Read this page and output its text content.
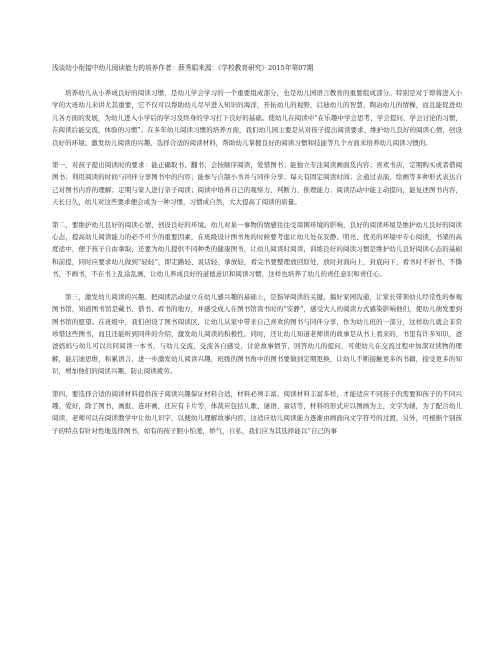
浅谈幼小衔接中幼儿阅读能力的培养作者：薛秀娟来源：《学校教育研究》2015年第07期

培养幼儿从小养成良好的阅读习惯，是幼儿学会学习的一个重要组成部分，也是幼儿园语言教育的重要组成部分。特别是对于即将进入小学的大班幼儿来讲尤其重要，它不仅可以帮助幼儿尽早进入知识的海洋，开拓幼儿的视野，启迪幼儿的智慧，陶冶幼儿的情操，而且能促进幼儿各方面的发展，为幼儿进入小学后的学习及终身的学习打下良好的基础。使幼儿在阅读中“在乐趣中学会思考、学会提问、学会讨论的习惯，在阅读后能交流，体验的习惯”。在多年幼儿阅读习惯的培养方面，我们幼儿园主要是从对孩子提出阅读要求、维护幼儿良好的阅读心情，创设良好的环境、激发幼儿阅读的兴趣、选择合适的阅读材料，帮助幼儿掌握良好的阅读习惯和技能等几个方面来培养幼儿阅读习惯的。

第一，对孩子提出阅读时的要求：能正确取书、翻书；会按顺序阅读，爱惜图书；能独立专注阅读画面及内容；喜欢书店，定期购买或者借阅图书；利用阅读的时间与同伴分享图书中的内容；能参与自制小书并与同伴分享；每天有固定阅读时间；会通过表演、绘画等多种形式表达自己对图书内容的理解；定期与家人进行亲子阅读；阅读中培养自己的观察力、判断力、推理能力；阅读活动中能主动提问，能复述图书内容，天长日久，幼儿对这些要求便会成为一种习惯，习惯成自然，大大提高了阅读的质量。

第二，要维护幼儿良好的阅读心情，创设良好的环境。幼儿对某一事物的情感往往受周围环境的影响，良好的阅读环境是维护幼儿良好的阅读心态，提高幼儿阅读能力的必不可少的重要因素，在班级设计图书角的时候要考虑让幼儿处在安静、明亮、优美的环境中专心阅读，书架的高度适中，便于孩子自由拿取，还要为幼儿提供不同种类的健康图书，让幼儿阅读时阅读，训练良好的阅读习惯是维护幼儿良好阅读心态的基础和前提，同时应要求幼儿做到“轻轻”，即走路轻、说话轻、拿放轻，看完书要整理放回原处，放时封面向上，封底向下，看书时不折书、不撕书、不画书，不在书上乱涂乱画，让幼儿养成良好的道德意识和阅读习惯，这样也培养了幼儿的责任意识和责任心。

第三，激发幼儿阅读的兴趣。把阅读活动建立在幼儿感兴趣的基础上，是指导阅读的关键，搞好家园沟通，让家长带领幼儿经常性的参观图书馆，知道图书馆是藏书、借书、看书的地方，并感受成人在图书馆读书时的“安静”，感受大人的阅读方式感染影响他们，使幼儿萌发要到图书馆的愿望。在班级中，我们创设了图书阅读区，让幼儿从家中带来自己喜欢的图书与同伴分享，作为幼儿班的一部分，这样幼儿就会非常珍惜这些图书，而且还能听到同伴的介绍，激发幼儿阅读的积极性。同时，还让幼儿知道老师讲的故事是从书上看来的，书里有许多知识，爸爸妈妈与幼儿可以共同阅读一本书，与幼儿交流，交流各自感受，讨论故事情节，回答幼儿的提问，可使幼儿在交流过程中加深对读物的理解，能启迪思维，积累语言，进一步激发幼儿阅读兴趣，班级的图书角中的图书要做到定期更换，让幼儿不断接触更多的书籍，接受更多的知识，增加他们的阅读兴趣，防止阅读疲劳。

第四，要选择合适的阅读材料提供孩子阅读兴趣保证材料合适，材料必须丰富。阅读材料丰富多样，才能适应不同孩子的需要和孩子的不同兴趣、爱好，除了图书，画报、连环画，还应有卡片等，体裁应包括儿歌、谜语、童话等，材料的形式应以图画为主，文字为辅，为了配合幼儿阅读，老师可以在阅读教学中让幼儿识字，以便幼儿理解故事内容，这适应幼儿阅读能力逐渐由画面向文字符号的过渡，另外，可根据个别孩子的特点有针对性地选择图书，如有的孩子胆小怕羞，娇气，自私，我们应为其选择能以“自己的事
